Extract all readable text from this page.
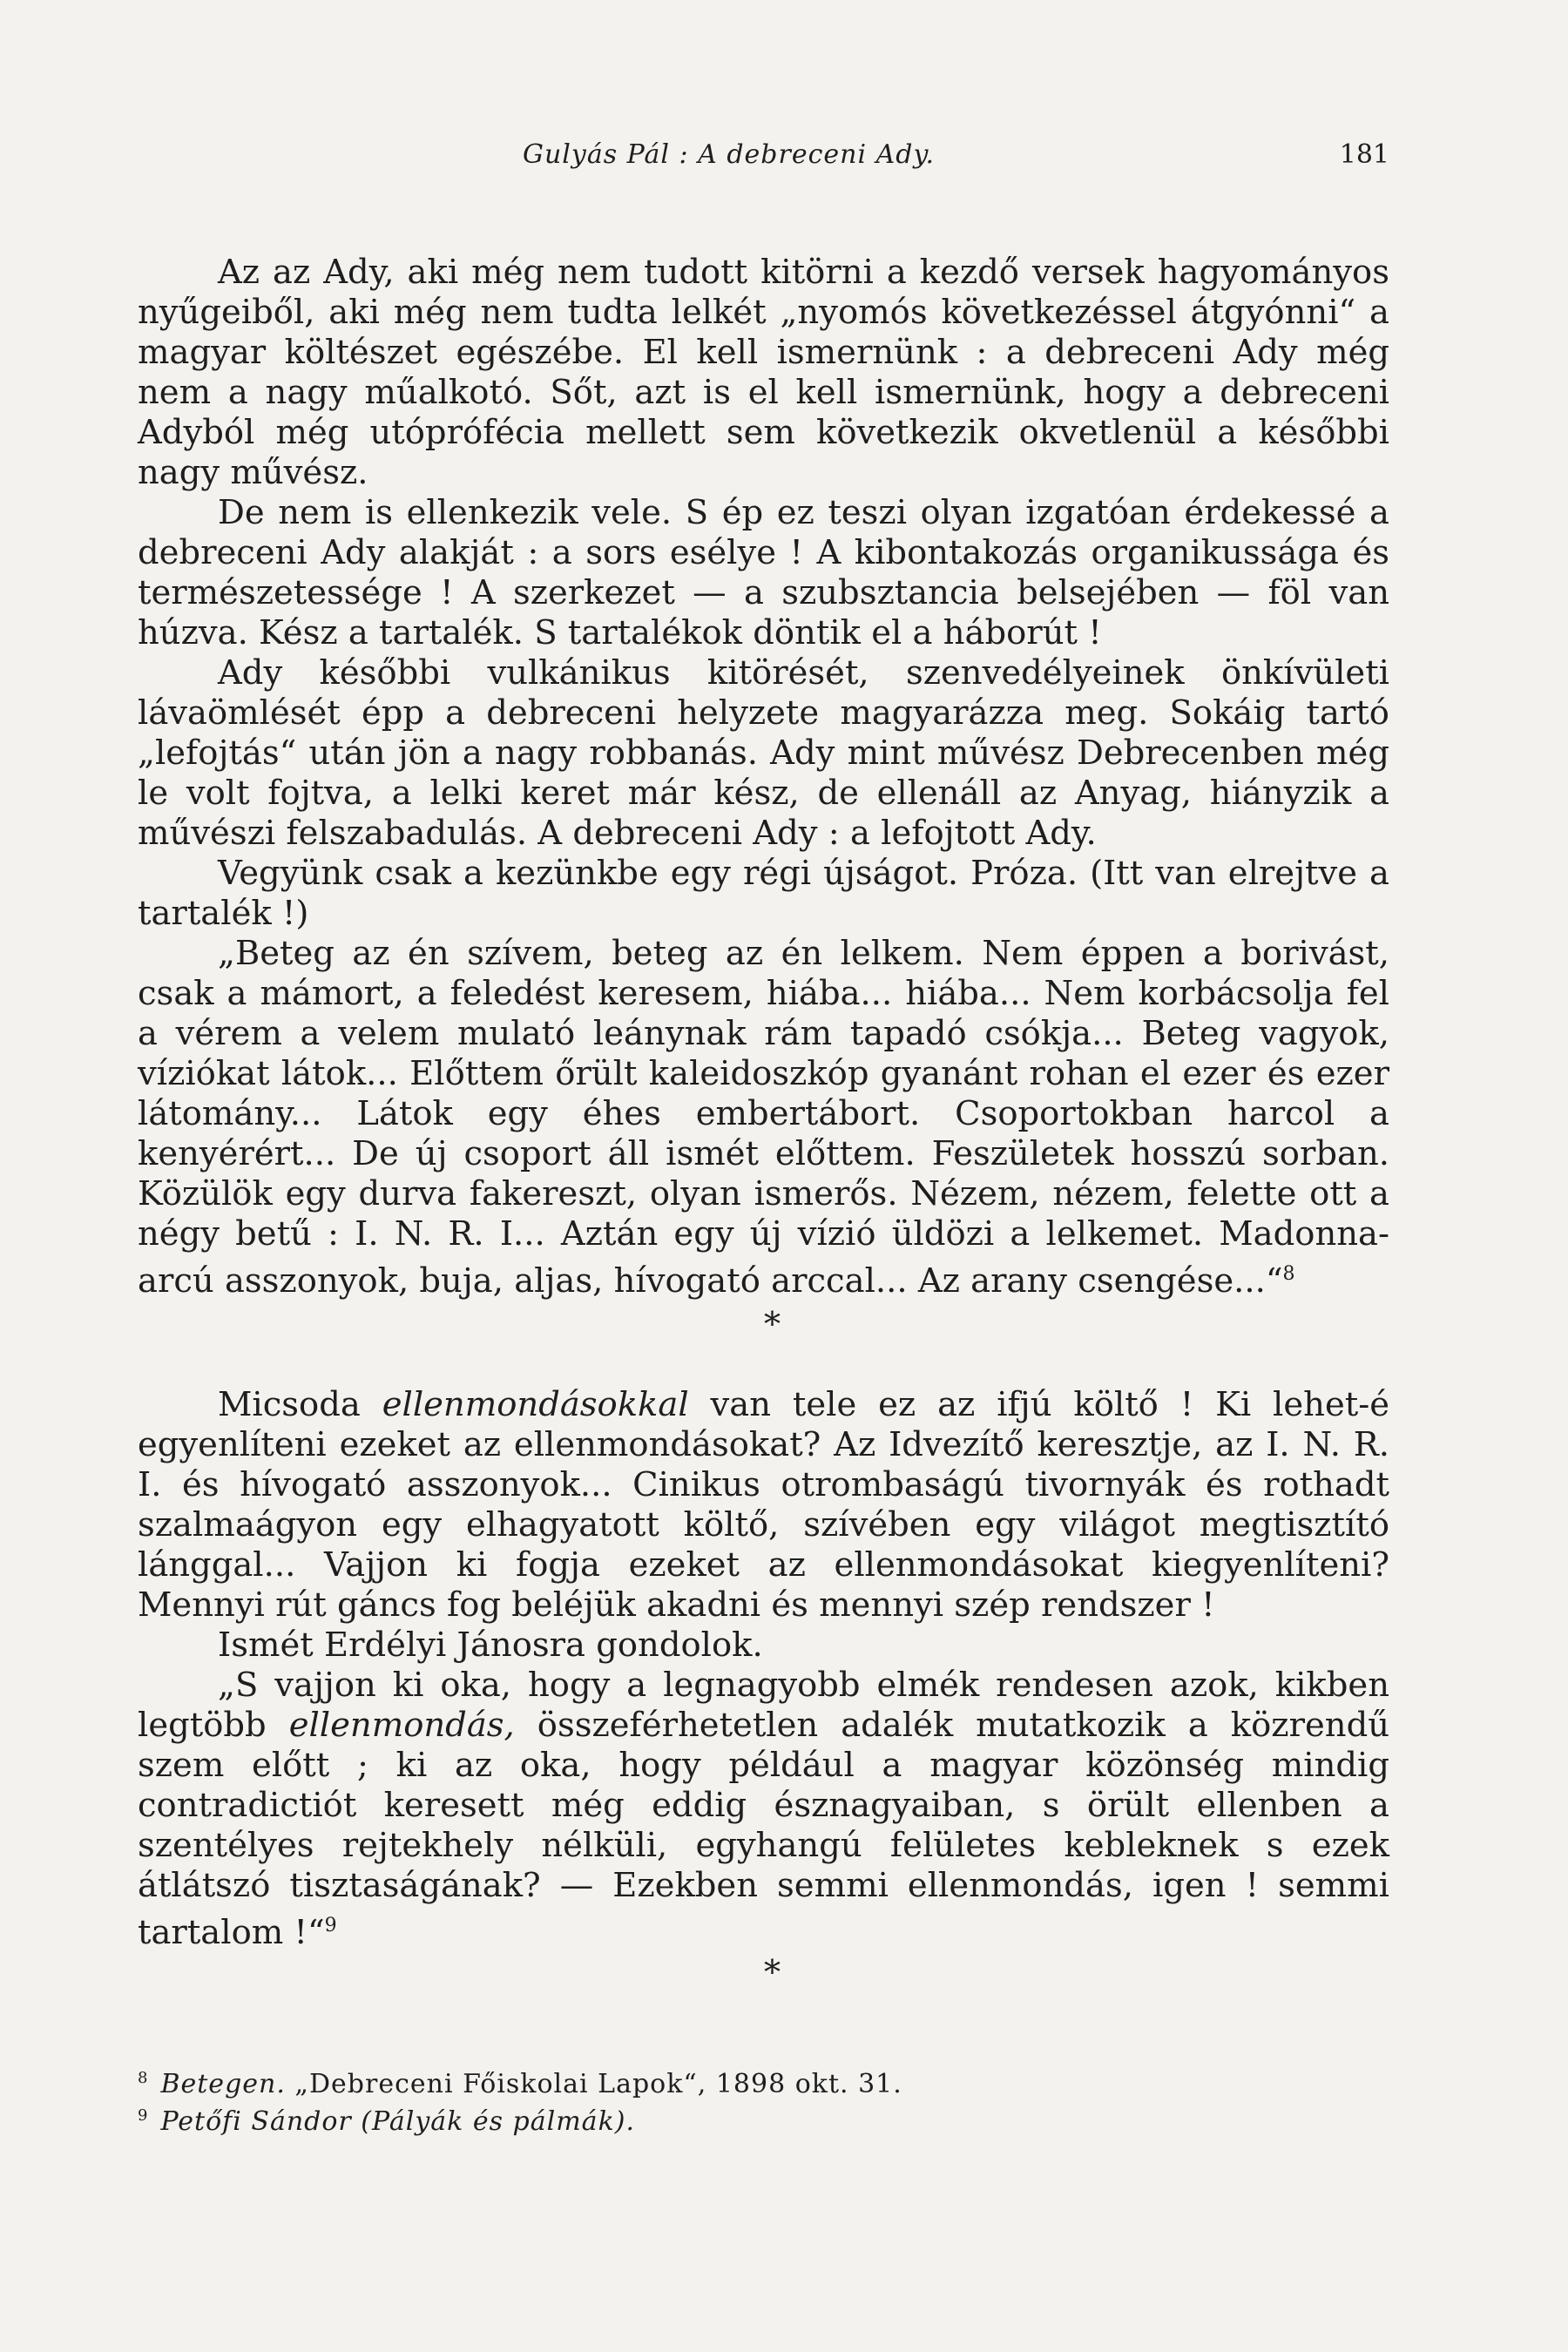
Gulyás Pál : A debreceni Ady.	181
Az az Ady, aki még nem tudott kitörni a kezdő versek hagyományos nyűgeiből, aki még nem tudta lelkét „nyomós következéssel átgyónni“ a magyar költészet egészébe. El kell ismernünk : a debreceni Ady még nem a nagy műalkotó. Sőt, azt is el kell ismernünk, hogy a debreceni Adyból még utóprófécia mellett sem következik okvetlenül a későbbi nagy művész.
De nem is ellenkezik vele. S ép ez teszi olyan izgatóan érdekessé a debreceni Ady alakját : a sors esélye ! A kibontakozás organikussága és természetessége ! A szerkezet — a szubsztancia belsejében — föl van húzva. Kész a tartalék. S tartalékok döntik el a háborút !
Ady későbbi vulkánikus kitörését, szenvedélyeinek önkívületi lávaömlését épp a debreceni helyzete magyarázza meg. Sokáig tartó „lefojtás“ után jön a nagy robbanás. Ady mint művész Debrecenben még le volt fojtva, a lelki keret már kész, de ellenáll az Anyag, hiányzik a művészi felszabadulás. A debreceni Ady : a lefojtott Ady.
Vegyünk csak a kezünkbe egy régi újságot. Próza. (Itt van elrejtve a tartalék !)
„Beteg az én szívem, beteg az én lelkem. Nem éppen a borivást, csak a mámort, a feledést keresem, hiába... hiába... Nem korbácsolja fel a vérem a velem mulató leánynak rám tapadó csókja... Beteg vagyok, víziókat látok... Előttem őrült kaleidoszkóp gyanánt rohan el ezer és ezer látomány... Látok egy éhes embertábort. Csoportokban harcol a kenyérért... De új csoport áll ismét előttem. Feszületek hosszú sorban. Közülök egy durva fakereszt, olyan ismerős. Nézem, nézem, felette ott a négy betű : I. N. R. I... Aztán egy új vízió üldözi a lelkemet. Madonna-arcú asszonyok, buja, aljas, hívogató arccal... Az arany csengése...“$^8$
*
Micsoda ellenmondásokkal van tele ez az ifjú költő ! Ki lehet-é egyenlíteni ezeket az ellenmondásokat? Az Idvezítő keresztje, az I. N. R. I. és hívogató asszonyok... Cinikus otrombaságú tivornyák és rothadt szalmaágyon egy elhagyatott költő, szívében egy világot megtisztító lánggal... Vajjon ki fogja ezeket az ellenmondásokat kiegyenlíteni? Mennyi rút gáncs fog beléjük akadni és mennyi szép rendszer !
Ismét Erdélyi Jánosra gondolok.
„S vajjon ki oka, hogy a legnagyobb elmék rendesen azok, kikben legtöbb ellenmondás, összeférhetetlen adalék mutatkozik a közrendű szem előtt ; ki az oka, hogy például a magyar közönség mindig contradictiót keresett még eddig észnagyaiban, s örült ellenben a szentélyes rejtekhely nélküli, egyhangú felületes kebleknek s ezek átlátszó tisztaságának? — Ezekben semmi ellenmondás, igen ! semmi tartalom !“$^9$
*
$^8$ Betegen. „Debreceni Főiskolai Lapok“, 1898 okt. 31.
$^9$ Petőfi Sándor (Pályák és pálmák).
